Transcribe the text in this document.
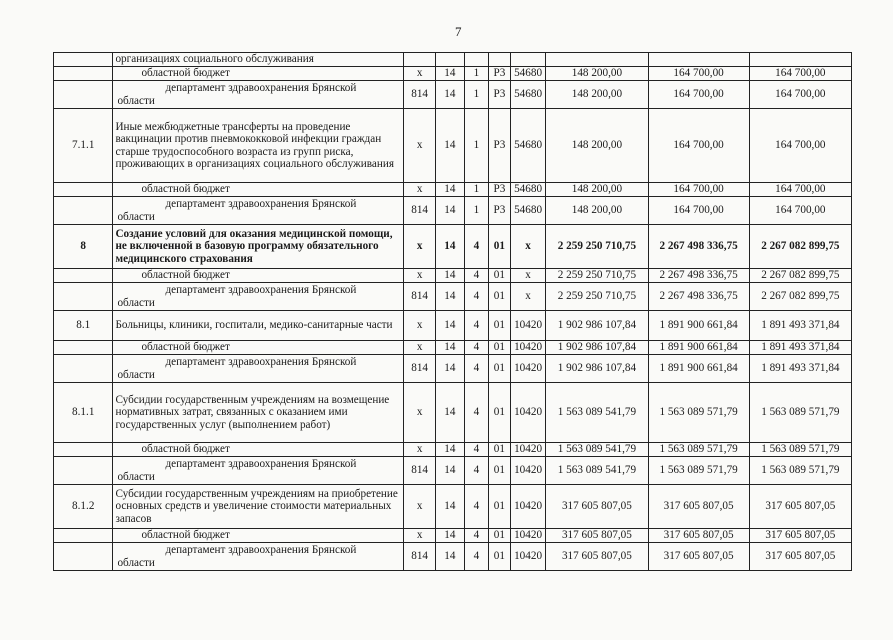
7
	организациях социального обслуживания								
	областной бюджет	x	14	1	P3	54680	148 200,00	164 700,00	164 700,00

	департамент здравоохранения Брянской
области	814	14	1	P3	54680	148 200,00	164 700,00	164 700,00
7.1.1	Иные межбюджетные трансферты на проведение вакцинации против пневмококковой инфекции граждан старше трудоспособного возраста из групп риска, проживающих в организациях социального обслуживания	x	14	1	P3	54680	148 200,00	164 700,00	164 700,00
	областной бюджет	x	14	1	P3	54680	148 200,00	164 700,00	164 700,00

	департамент здравоохранения Брянской
области	814	14	1	P3	54680	148 200,00	164 700,00	164 700,00
8	Создание условий для оказания медицинской помощи, не включенной в базовую программу обязательного медицинского страхования	x	14	4	01	x	2 259 250 710,75	2 267 498 336,75	2 267 082 899,75
	областной бюджет	x	14	4	01	x	2 259 250 710,75	2 267 498 336,75	2 267 082 899,75

	департамент здравоохранения Брянской
области	814	14	4	01	x	2 259 250 710,75	2 267 498 336,75	2 267 082 899,75
8.1	Больницы, клиники, госпитали, медико-санитарные части	x	14	4	01	10420	1 902 986 107,84	1 891 900 661,84	1 891 493 371,84
	областной бюджет	x	14	4	01	10420	1 902 986 107,84	1 891 900 661,84	1 891 493 371,84

	департамент здравоохранения Брянской
области	814	14	4	01	10420	1 902 986 107,84	1 891 900 661,84	1 891 493 371,84
8.1.1	Субсидии государственным учреждениям на возмещение нормативных затрат, связанных с оказанием ими государственных услуг (выполнением работ)	x	14	4	01	10420	1 563 089 541,79	1 563 089 571,79	1 563 089 571,79
	областной бюджет	x	14	4	01	10420	1 563 089 541,79	1 563 089 571,79	1 563 089 571,79

	департамент здравоохранения Брянской
области	814	14	4	01	10420	1 563 089 541,79	1 563 089 571,79	1 563 089 571,79
8.1.2	Субсидии государственным учреждениям на приобретение основных средств и увеличение стоимости материальных запасов	x	14	4	01	10420	317 605 807,05	317 605 807,05	317 605 807,05
	областной бюджет	x	14	4	01	10420	317 605 807,05	317 605 807,05	317 605 807,05

	департамент здравоохранения Брянской
области	814	14	4	01	10420	317 605 807,05	317 605 807,05	317 605 807,05
